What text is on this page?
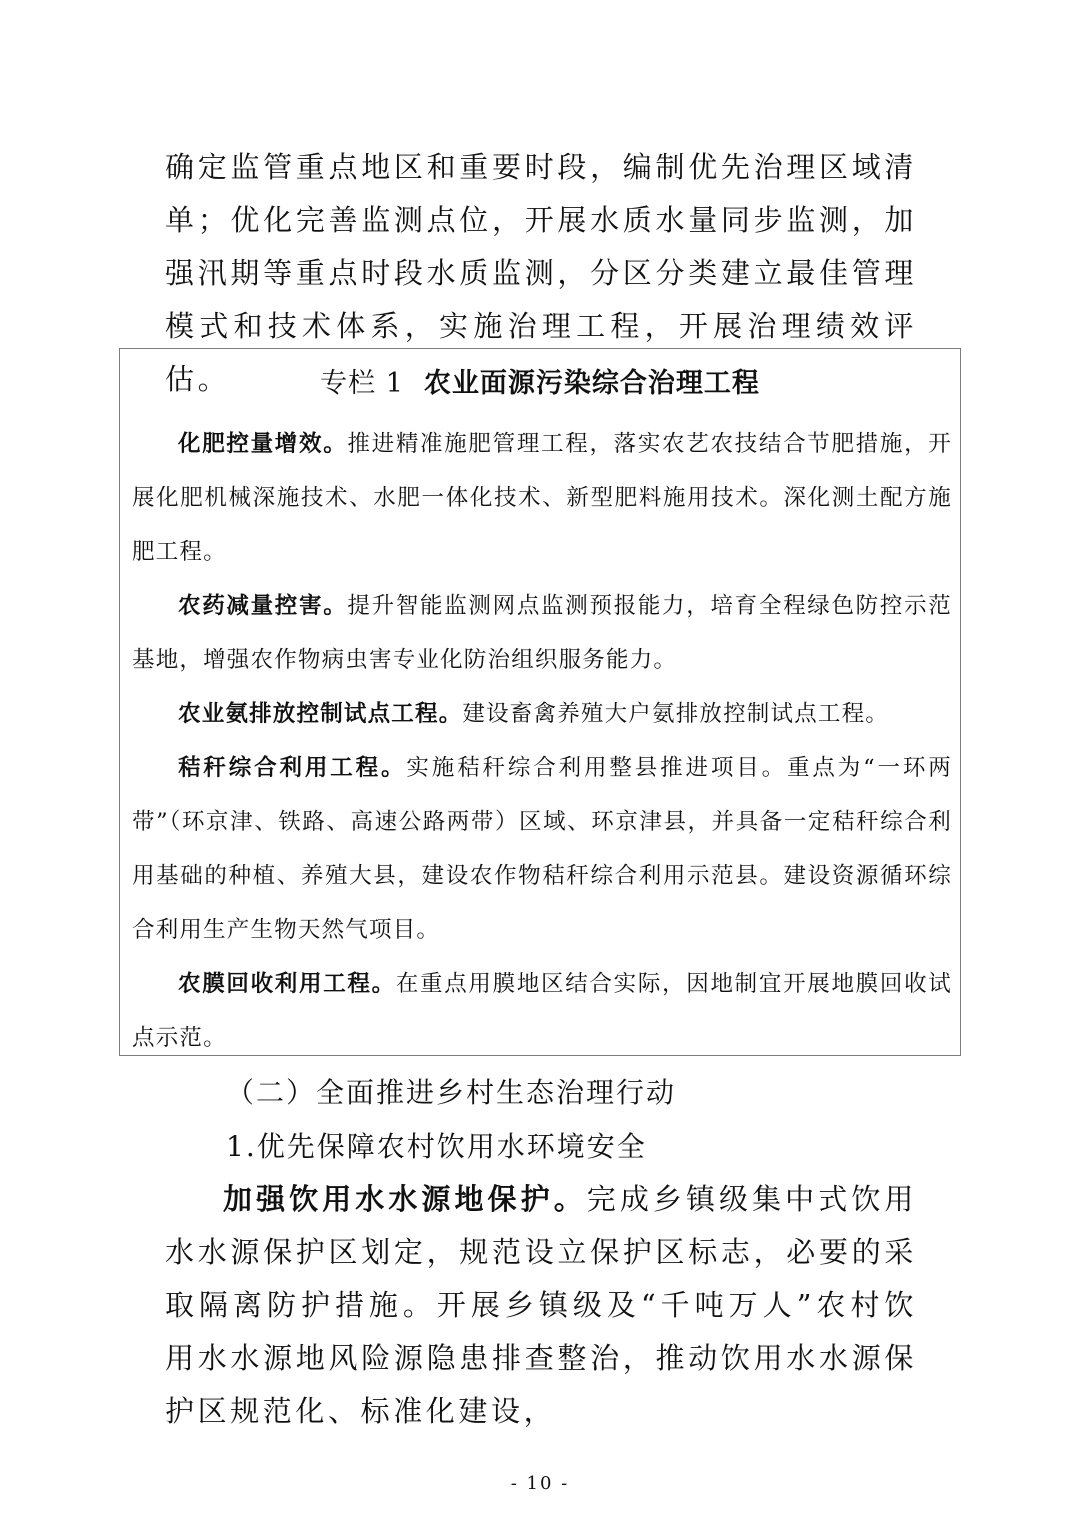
确定监管重点地区和重要时段，编制优先治理区域清单；优化完善监测点位，开展水质水量同步监测，加强汛期等重点时段水质监测，分区分类建立最佳管理模式和技术体系，实施治理工程，开展治理绩效评估。	专栏 1 农业面源污染综合治理工程

化肥控量增效。推进精准施肥管理工程，落实农艺农技结合节肥措施，开展化肥机械深施技术、水肥一体化技术、新型肥料施用技术。深化测土配方施肥工程。

农药减量控害。提升智能监测网点监测预报能力，培育全程绿色防控示范基地，增强农作物病虫害专业化防治组织服务能力。

农业氨排放控制试点工程。建设畜禽养殖大户氨排放控制试点工程。

秸秆综合利用工程。实施秸秆综合利用整县推进项目。重点为“一环两带”（环京津、铁路、高速公路两带）区域、环京津县，并具备一定秸秆综合利用基础的种植、养殖大县，建设农作物秸秆综合利用示范县。建设资源循环综合利用生产生物天然气项目。

农膜回收利用工程。在重点用膜地区结合实际，因地制宜开展地膜回收试点示范。

（二）全面推进乡村生态治理行动

1.优先保障农村饮用水环境安全

加强饮用水水源地保护。完成乡镇级集中式饮用水水源保护区划定，规范设立保护区标志，必要的采取隔离防护措施。开展乡镇级及“千吨万人”农村饮用水水源地风险源隐患排查整治，推动饮用水水源保护区规范化、标准化建设，

- 10 -
